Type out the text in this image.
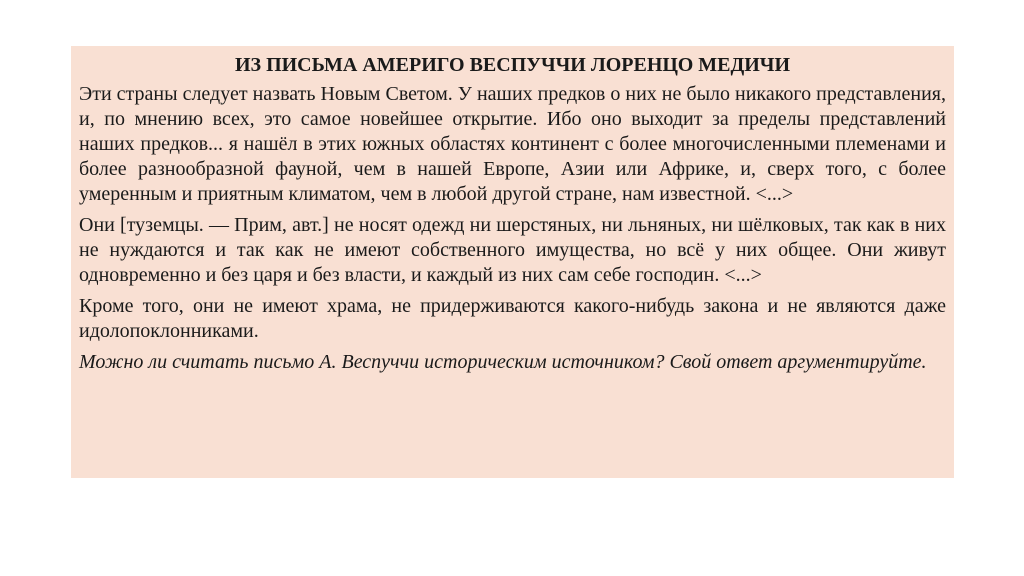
ИЗ ПИСЬМА АМЕРИГО ВЕСПУЧЧИ ЛОРЕНЦО МЕДИЧИ
Эти страны следует назвать Новым Светом. У наших предков о них не было никакого представления, и, по мнению всех, это самое новейшее открытие. Ибо оно выходит за пределы представлений наших предков... я нашёл в этих южных областях континент с более многочисленными племенами и более разнообразной фауной, чем в нашей Европе, Азии или Африке, и, сверх того, с более умеренным и приятным климатом, чем в любой другой стране, нам известной. <...>
Они [туземцы. — Прим, авт.] не носят одежд ни шерстяных, ни льняных, ни шёлковых, так как в них не нуждаются и так как не имеют собственного имущества, но всё у них общее. Они живут одновременно и без царя и без власти, и каждый из них сам себе господин. <...>
Кроме того, они не имеют храма, не придерживаются какого-нибудь закона и не являются даже идолопоклонниками.
Можно ли считать письмо А. Веспуччи историческим источником? Свой ответ аргументируйте.
